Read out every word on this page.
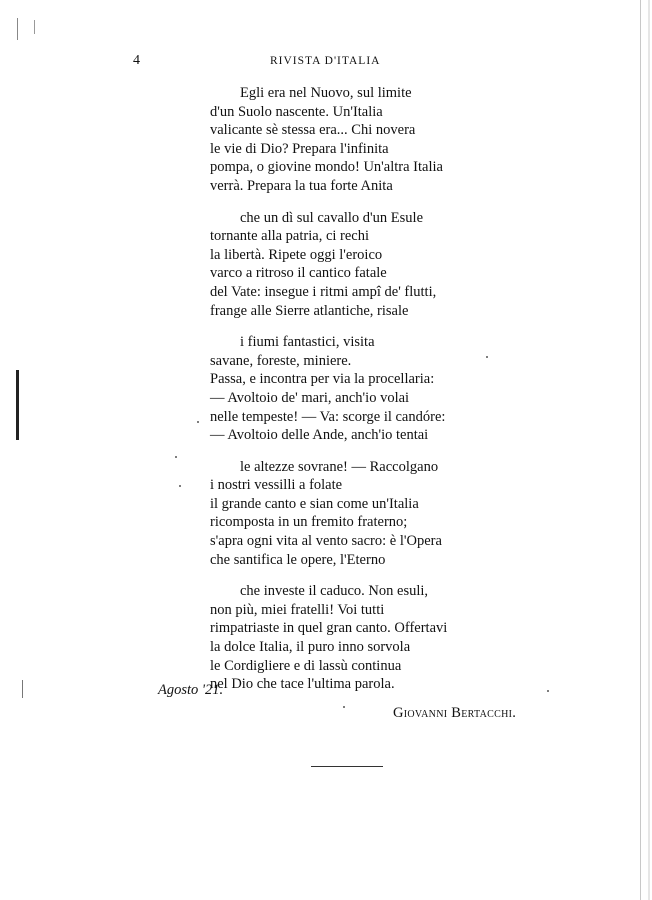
4	RIVISTA D'ITALIA
Egli era nel Nuovo, sul limite
d'un Suolo nascente. Un'Italia
valicante sè stessa era... Chi novera
le vie di Dio? Prepara l'infinita
pompa, o giovine mondo! Un'altra Italia
verrà. Prepara la tua forte Anita
che un dì sul cavallo d'un Esule
tornante alla patria, ci rechi
la libertà. Ripete oggi l'eroico
varco a ritroso il cantico fatale
del Vate: insegue i ritmi ampî de' flutti,
frange alle Sierre atlantiche, risale
i fiumi fantastici, visita
savane, foreste, miniere.
Passa, e incontra per via la procellaria:
— Avoltoio de' mari, anch'io volai
nelle tempeste! — Va: scorge il candóre:
— Avoltoio delle Ande, anch'io tentai
le altezze sovrane! — Raccolgano
i nostri vessilli a folate
il grande canto e sian come un'Italia
ricomposta in un fremito fraterno;
s'apra ogni vita al vento sacro: è l'Opera
che santifica le opere, l'Eterno
che investe il caduco. Non esuli,
non più, miei fratelli! Voi tutti
rimpatriaste in quel gran canto. Offertavi
la dolce Italia, il puro inno sorvola
le Cordigliere e di lassù continua
nel Dio che tace l'ultima parola.
Agosto '21.
Giovanni Bertacchi.
